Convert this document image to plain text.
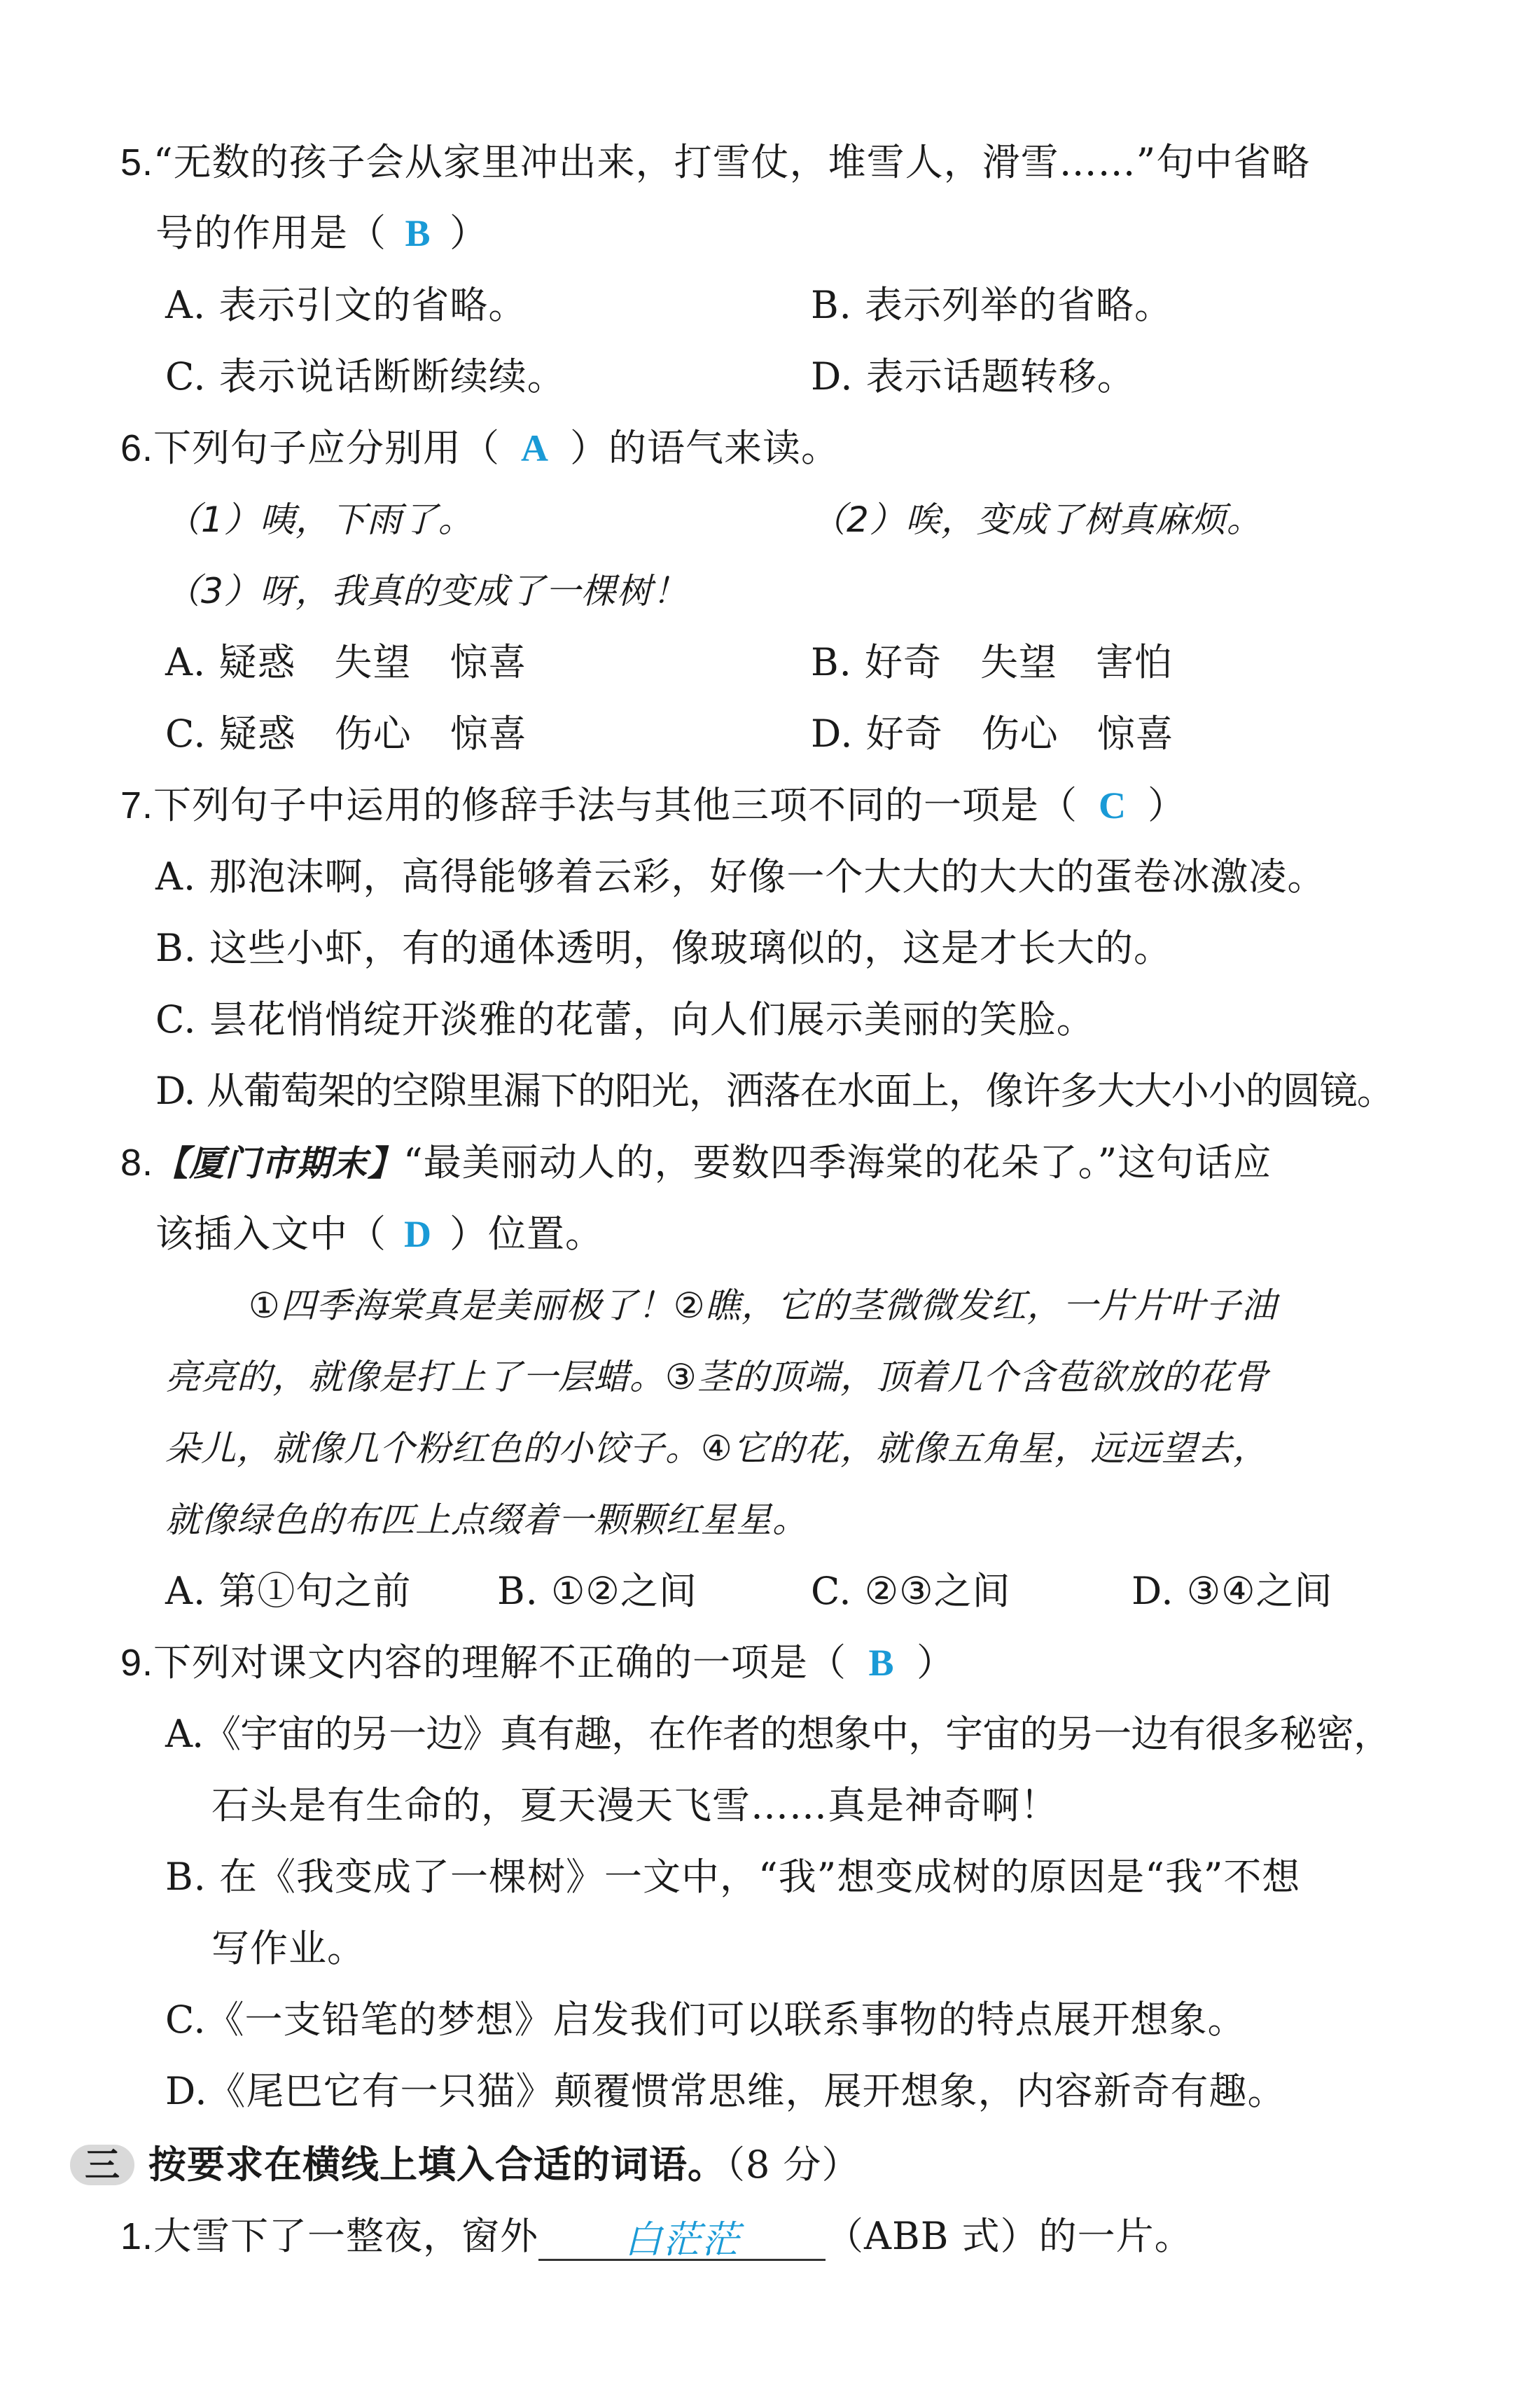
5.“无数的孩子会从家里冲出来，打雪仗，堆雪人，滑雪……”句中省略
号的作用是（ B ）
A. 表示引文的省略。	B. 表示列举的省略。
C. 表示说话断断续续。	D. 表示话题转移。
6.下列句子应分别用（ A ）的语气来读。
（1）咦，下雨了。	（2）唉，变成了树真麻烦。
（3）呀，我真的变成了一棵树！
A. 疑惑　失望　惊喜	B. 好奇　失望　害怕
C. 疑惑　伤心　惊喜	D. 好奇　伤心　惊喜
7.下列句子中运用的修辞手法与其他三项不同的一项是（ C ）
A. 那泡沫啊，高得能够着云彩，好像一个大大的大大的蛋卷冰激凌。
B. 这些小虾，有的通体透明，像玻璃似的，这是才长大的。
C. 昙花悄悄绽开淡雅的花蕾，向人们展示美丽的笑脸。
D. 从葡萄架的空隙里漏下的阳光，洒落在水面上，像许多大大小小的圆镜。
8.【厦门市期末】“最美丽动人的，要数四季海棠的花朵了。”这句话应
该插入文中（ D ）位置。
①四季海棠真是美丽极了！②瞧，它的茎微微发红，一片片叶子油
亮亮的，就像是打上了一层蜡。③茎的顶端，顶着几个含苞欲放的花骨
朵儿，就像几个粉红色的小饺子。④它的花，就像五角星，远远望去，
就像绿色的布匹上点缀着一颗颗红星星。
A. 第①句之前 B. ①②之间	C. ②③之间	D. ③④之间
9.下列对课文内容的理解不正确的一项是（ B ）
A.《宇宙的另一边》真有趣，在作者的想象中，宇宙的另一边有很多秘密，
石头是有生命的，夏天漫天飞雪……真是神奇啊！
B. 在《我变成了一棵树》一文中，“我”想变成树的原因是“我”不想
写作业。
C.《一支铅笔的梦想》启发我们可以联系事物的特点展开想象。
D.《尾巴它有一只猫》颠覆惯常思维，展开想象，内容新奇有趣。
三 按要求在横线上填入合适的词语。（8 分）
1.大雪下了一整夜，窗外 白茫茫 （ABB 式）的一片。
